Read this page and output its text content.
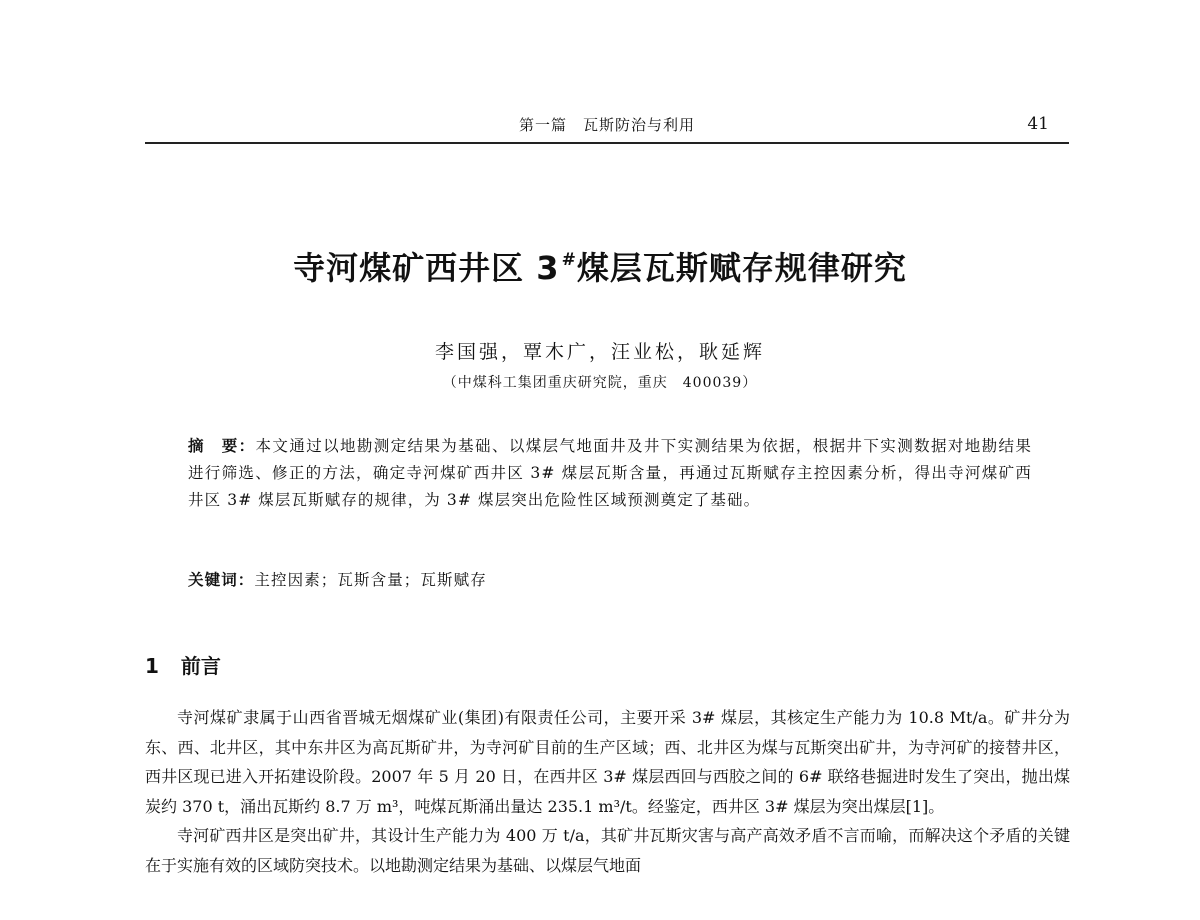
第一篇　瓦斯防治与利用	41
寺河煤矿西井区 3 #煤层瓦斯赋存规律研究
李国强，覃木广，汪业松，耿延辉
（中煤科工集团重庆研究院，重庆　400039）
摘　要：本文通过以地勘测定结果为基础、以煤层气地面井及井下实测结果为依据，根据井下实测数据对地勘结果进行筛选、修正的方法，确定寺河煤矿西井区 3# 煤层瓦斯含量，再通过瓦斯赋存主控因素分析，得出寺河煤矿西井区 3# 煤层瓦斯赋存的规律，为 3# 煤层突出危险性区域预测奠定了基础。
关键词：主控因素；瓦斯含量；瓦斯赋存
1 前言

寺河煤矿隶属于山西省晋城无烟煤矿业(集团)有限责任公司，主要开采 3# 煤层，其核定生产能力为 10.8 Mt/a。矿井分为东、西、北井区，其中东井区为高瓦斯矿井，为寺河矿目前的生产区域；西、北井区为煤与瓦斯突出矿井，为寺河矿的接替井区，西井区现已进入开拓建设阶段。2007 年 5 月 20 日，在西井区 3# 煤层西回与西胶之间的 6# 联络巷掘进时发生了突出，抛出煤炭约 370 t，涌出瓦斯约 8.7 万 m³，吨煤瓦斯涌出量达 235.1 m³/t。经鉴定，西井区 3# 煤层为突出煤层[1]。

寺河矿西井区是突出矿井，其设计生产能力为 400 万 t/a，其矿井瓦斯灾害与高产高效矛盾不言而喻，而解决这个矛盾的关键在于实施有效的区域防突技术。以地勘测定结果为基础、以煤层气地面
